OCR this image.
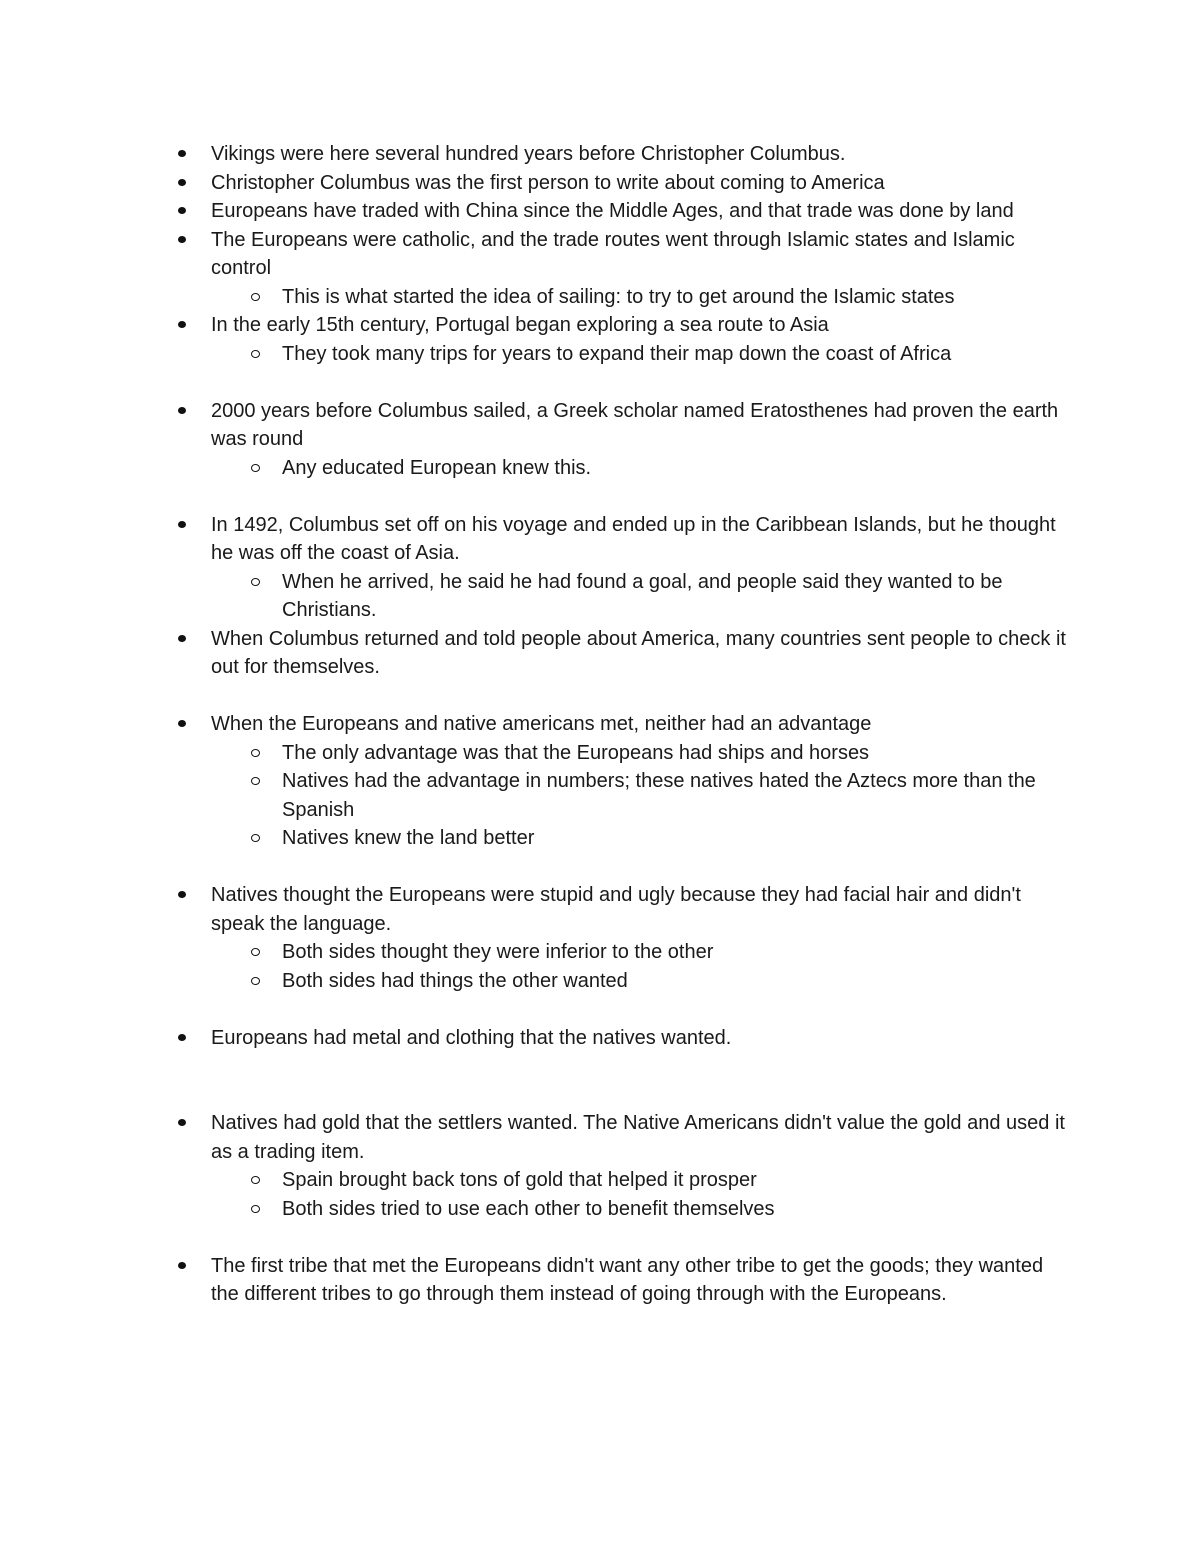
Vikings were here several hundred years before Christopher Columbus.
Christopher Columbus was the first person to write about coming to America
Europeans have traded with China since the Middle Ages, and that trade was done by land
The Europeans were catholic, and the trade routes went through Islamic states and Islamic control
This is what started the idea of sailing: to try to get around the Islamic states
In the early 15th century, Portugal began exploring a sea route to Asia
They took many trips for years to expand their map down the coast of Africa
2000 years before Columbus sailed, a Greek scholar named Eratosthenes had proven the earth was round
Any educated European knew this.
In 1492, Columbus set off on his voyage and ended up in the Caribbean Islands, but he thought he was off the coast of Asia.
When he arrived, he said he had found a goal, and people said they wanted to be Christians.
When Columbus returned and told people about America, many countries sent people to check it out for themselves.
When the Europeans and native americans met, neither had an advantage
The only advantage was that the Europeans had ships and horses
Natives had the advantage in numbers; these natives hated the Aztecs more than the Spanish
Natives knew the land better
Natives thought the Europeans were stupid and ugly because they had facial hair and didn't speak the language.
Both sides thought they were inferior to the other
Both sides had things the other wanted
Europeans had metal and clothing that the natives wanted.
Natives had gold that the settlers wanted. The Native Americans didn't value the gold and used it as a trading item.
Spain brought back tons of gold that helped it prosper
Both sides tried to use each other to benefit themselves
The first tribe that met the Europeans didn't want any other tribe to get the goods; they wanted the different tribes to go through them instead of going through with the Europeans.
